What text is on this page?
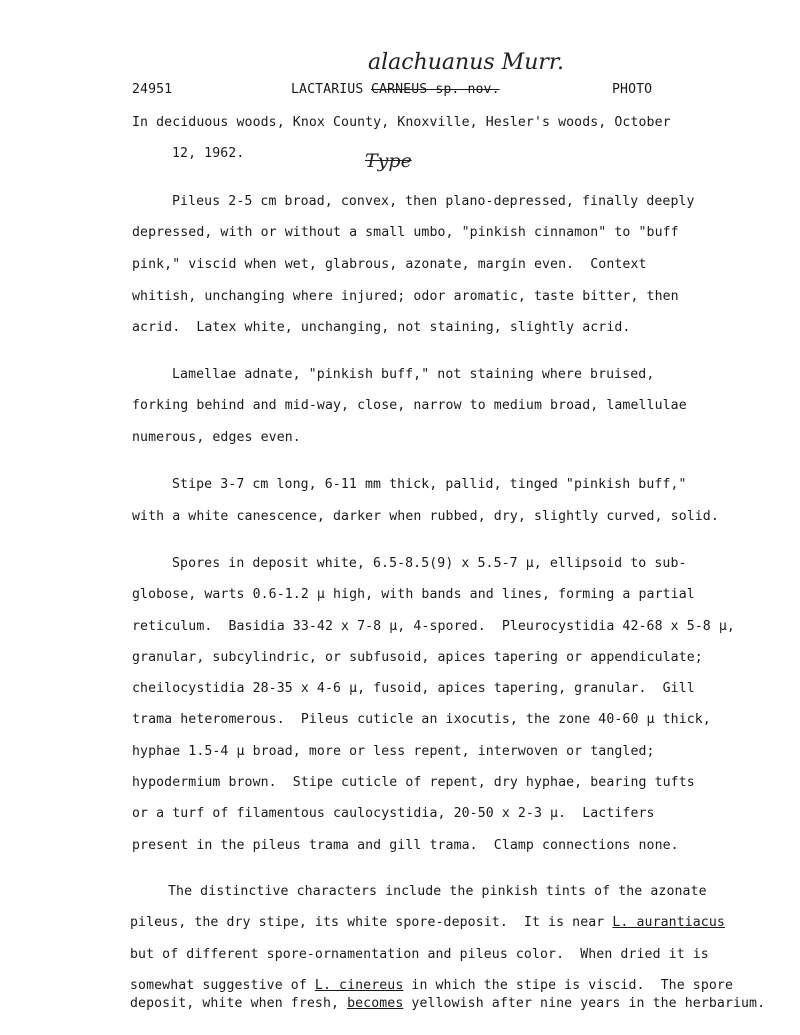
alachuanus Murr.
24951	LACTARIUS CARNEUS sp. nov.	PHOTO
In deciduous woods, Knox County, Knoxville, Hesler's woods, October
12, 1962.	Type
Pileus 2-5 cm broad, convex, then plano-depressed, finally deeply
depressed, with or without a small umbo, "pinkish cinnamon" to "buff
pink," viscid when wet, glabrous, azonate, margin even.  Context
whitish, unchanging where injured; odor aromatic, taste bitter, then
acrid.  Latex white, unchanging, not staining, slightly acrid.
Lamellae adnate, "pinkish buff," not staining where bruised,
forking behind and mid-way, close, narrow to medium broad, lamellulae
numerous, edges even.
Stipe 3-7 cm long, 6-11 mm thick, pallid, tinged "pinkish buff,"
with a white canescence, darker when rubbed, dry, slightly curved, solid.
Spores in deposit white, 6.5-8.5(9) x 5.5-7 µ, ellipsoid to sub-
globose, warts 0.6-1.2 µ high, with bands and lines, forming a partial
reticulum.  Basidia 33-42 x 7-8 µ, 4-spored.  Pleurocystidia 42-68 x 5-8 µ,
granular, subcylindric, or subfusoid, apices tapering or appendiculate;
cheilocystidia 28-35 x 4-6 µ, fusoid, apices tapering, granular.  Gill
trama heteromerous.  Pileus cuticle an ixocutis, the zone 40-60 µ thick,
hyphae 1.5-4 µ broad, more or less repent, interwoven or tangled;
hypodermium brown.  Stipe cuticle of repent, dry hyphae, bearing tufts
or a turf of filamentous caulocystidia, 20-50 x 2-3 µ.  Lactifers
present in the pileus trama and gill trama.  Clamp connections none.
The distinctive characters include the pinkish tints of the azonate
pileus, the dry stipe, its white spore-deposit.  It is near L. aurantiacus
but of different spore-ornamentation and pileus color.  When dried it is
somewhat suggestive of L. cinereus in which the stipe is viscid.  The spore
deposit, white when fresh, becomes yellowish after nine years in the herbarium.
